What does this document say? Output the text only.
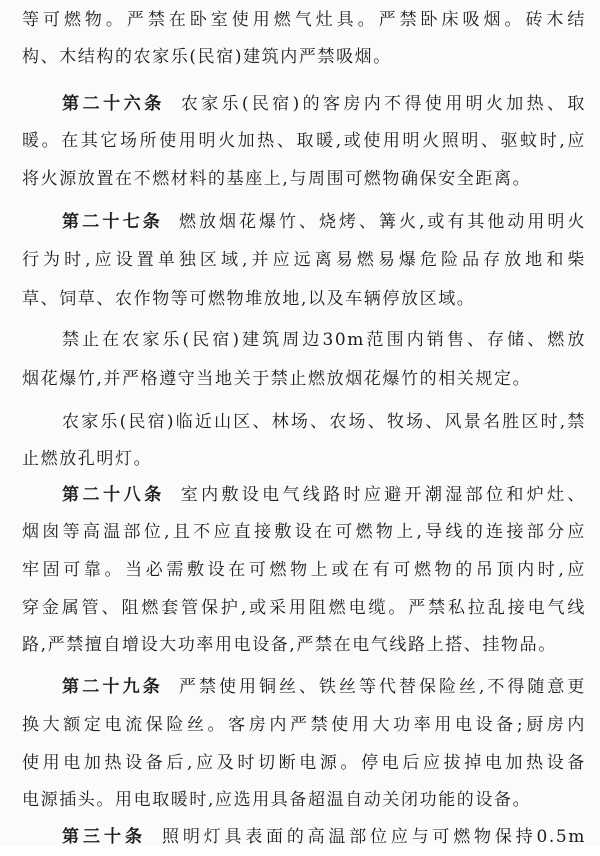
等可燃物。严禁在卧室使用燃气灶具。严禁卧床吸烟。砖木结
构、木结构的农家乐(民宿)建筑内严禁吸烟。
第二十六条 农家乐(民宿)的客房内不得使用明火加热、取
暖。在其它场所使用明火加热、取暖,或使用明火照明、驱蚊时,应
将火源放置在不燃材料的基座上,与周围可燃物确保安全距离。
第二十七条 燃放烟花爆竹、烧烤、篝火,或有其他动用明火
行为时,应设置单独区域,并应远离易燃易爆危险品存放地和柴
草、饲草、农作物等可燃物堆放地,以及车辆停放区域。
禁止在农家乐(民宿)建筑周边30m范围内销售、存储、燃放
烟花爆竹,并严格遵守当地关于禁止燃放烟花爆竹的相关规定。
农家乐(民宿)临近山区、林场、农场、牧场、风景名胜区时,禁
止燃放孔明灯。
第二十八条 室内敷设电气线路时应避开潮湿部位和炉灶、
烟囱等高温部位,且不应直接敷设在可燃物上,导线的连接部分应
牢固可靠。当必需敷设在可燃物上或在有可燃物的吊顶内时,应
穿金属管、阻燃套管保护,或采用阻燃电缆。严禁私拉乱接电气线
路,严禁擅自增设大功率用电设备,严禁在电气线路上搭、挂物品。
第二十九条 严禁使用铜丝、铁丝等代替保险丝,不得随意更
换大额定电流保险丝。客房内严禁使用大功率用电设备;厨房内
使用电加热设备后,应及时切断电源。停电后应拔掉电加热设备
电源插头。用电取暖时,应选用具备超温自动关闭功能的设备。
第三十条 照明灯具表面的高温部位应与可燃物保持0.5m
